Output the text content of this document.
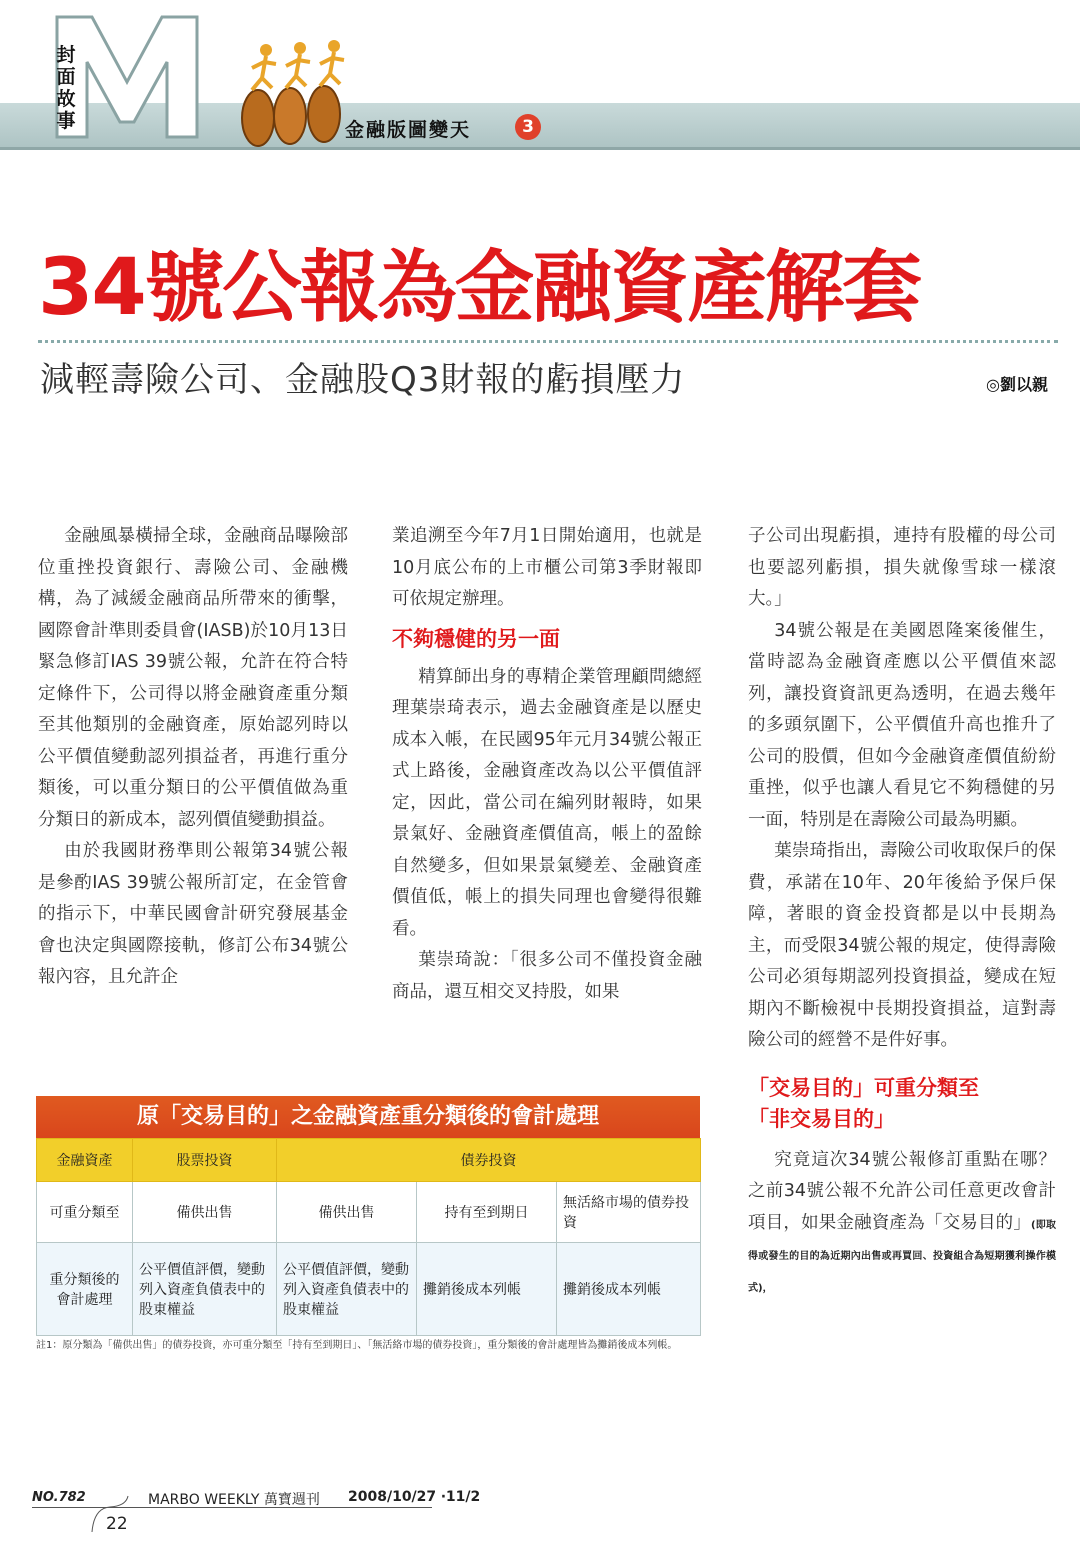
封面故事	金融版圖變天	3
34號公報為金融資產解套
減輕壽險公司、金融股Q3財報的虧損壓力	◎劉以親

金融風暴橫掃全球，金融商品曝險部位重挫投資銀行、壽險公司、金融機構，為了減緩金融商品所帶來的衝擊，國際會計準則委員會(IASB)於10月13日緊急修訂IAS 39號公報，允許在符合特定條件下，公司得以將金融資產重分類至其他類別的金融資產，原始認列時以公平價值變動認列損益者，再進行重分類後，可以重分類日的公平價值做為重分類日的新成本，認列價值變動損益。

由於我國財務準則公報第34號公報是參酌IAS 39號公報所訂定，在金管會的指示下，中華民國會計研究發展基金會也決定與國際接軌，修訂公布34號公報內容，且允許企

業追溯至今年7月1日開始適用，也就是10月底公布的上市櫃公司第3季財報即可依規定辦理。

不夠穩健的另一面

精算師出身的專精企業管理顧問總經理葉崇琦表示，過去金融資產是以歷史成本入帳，在民國95年元月34號公報正式上路後，金融資產改為以公平價值評定，因此，當公司在編列財報時，如果景氣好、金融資產價值高，帳上的盈餘自然變多，但如果景氣變差、金融資產價值低，帳上的損失同理也會變得很難看。

葉崇琦說：「很多公司不僅投資金融商品，還互相交叉持股，如果

子公司出現虧損，連持有股權的母公司也要認列虧損，損失就像雪球一樣滾大。」

34號公報是在美國恩隆案後催生，當時認為金融資產應以公平價值來認列，讓投資資訊更為透明，在過去幾年的多頭氛圍下，公平價值升高也推升了公司的股價，但如今金融資產價值紛紛重挫，似乎也讓人看見它不夠穩健的另一面，特別是在壽險公司最為明顯。

葉崇琦指出，壽險公司收取保戶的保費，承諾在10年、20年後給予保戶保障，著眼的資金投資都是以中長期為主，而受限34號公報的規定，使得壽險公司必須每期認列投資損益，變成在短期內不斷檢視中長期投資損益，這對壽險公司的經營不是件好事。

「交易目的」可重分類至
「非交易目的」

究竟這次34號公報修訂重點在哪？之前34號公報不允許公司任意更改會計項目，如果金融資產為「交易目的」(即取得或發生的目的為近期內出售或再買回、投資組合為短期獲利操作模式)，

原「交易目的」之金融資產重分類後的會計處理
金融資產	股票投資	債券投資		
可重分類至	備供出售	備供出售	持有至到期日	無活絡市場的債券投資
重分類後的會計處理	公平價值評價，變動列入資產負債表中的股東權益	公平價值評價，變動列入資產負債表中的股東權益	攤銷後成本列帳	攤銷後成本列帳
註1：原分類為「備供出售」的債券投資，亦可重分類至「持有至到期日」、「無活絡市場的債券投資」，重分類後的會計處理皆為攤銷後成本列帳。
NO.782	MARBO WEEKLY 萬寶週刊 2008/10/27 ‧11/2
22
